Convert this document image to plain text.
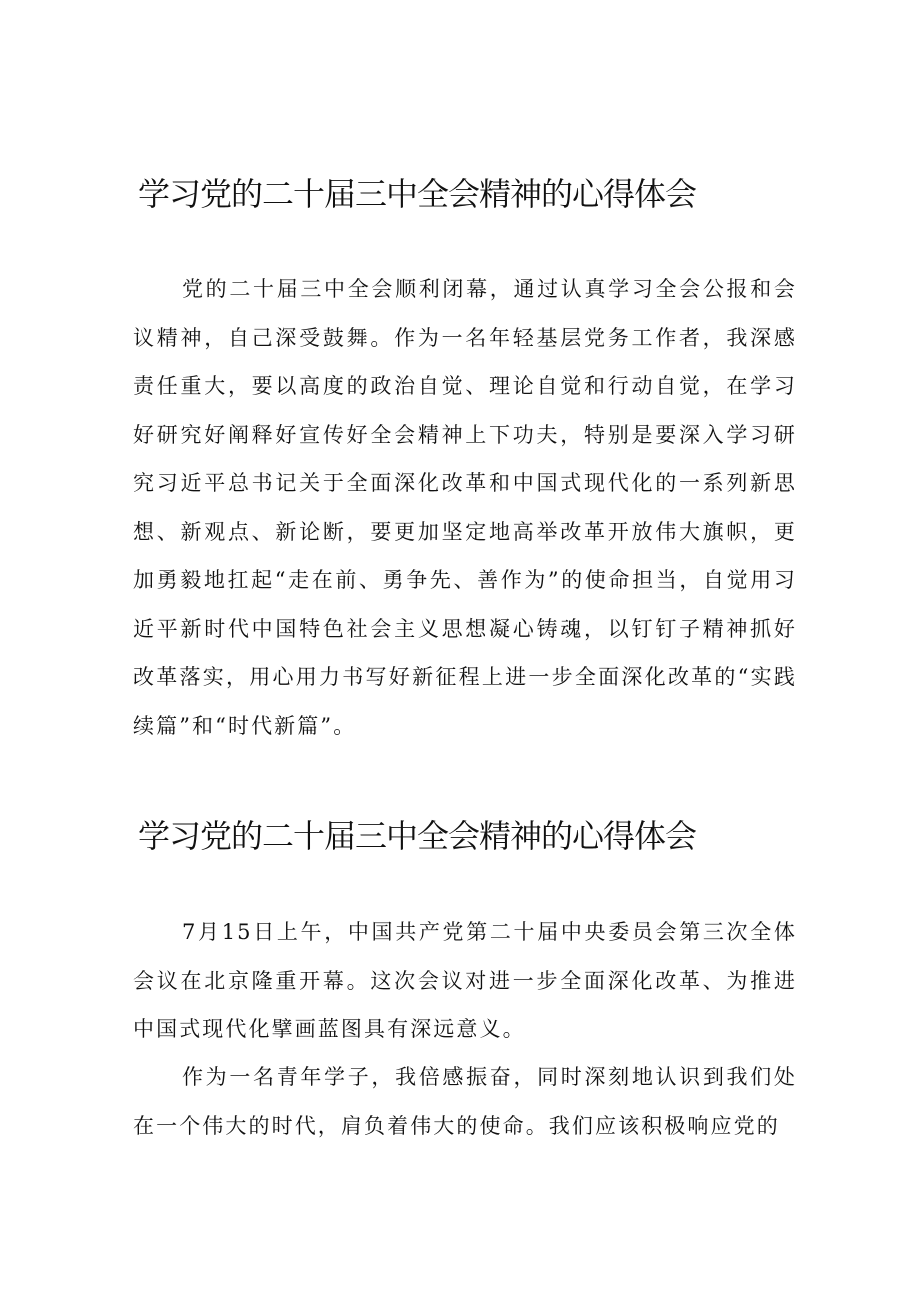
学习党的二十届三中全会精神的心得体会

党的二十届三中全会顺利闭幕，通过认真学习全会公报和会议精神，自己深受鼓舞。作为一名年轻基层党务工作者，我深感责任重大，要以高度的政治自觉、理论自觉和行动自觉，在学习好研究好阐释好宣传好全会精神上下功夫，特别是要深入学习研究习近平总书记关于全面深化改革和中国式现代化的一系列新思想、新观点、新论断，要更加坚定地高举改革开放伟大旗帜，更加勇毅地扛起“走在前、勇争先、善作为”的使命担当，自觉用习近平新时代中国特色社会主义思想凝心铸魂，以钉钉子精神抓好改革落实，用心用力书写好新征程上进一步全面深化改革的“实践续篇”和“时代新篇”。

学习党的二十届三中全会精神的心得体会

7月15日上午，中国共产党第二十届中央委员会第三次全体会议在北京隆重开幕。这次会议对进一步全面深化改革、为推进中国式现代化擘画蓝图具有深远意义。

作为一名青年学子，我倍感振奋，同时深刻地认识到我们处在一个伟大的时代，肩负着伟大的使命。我们应该积极响应党的
